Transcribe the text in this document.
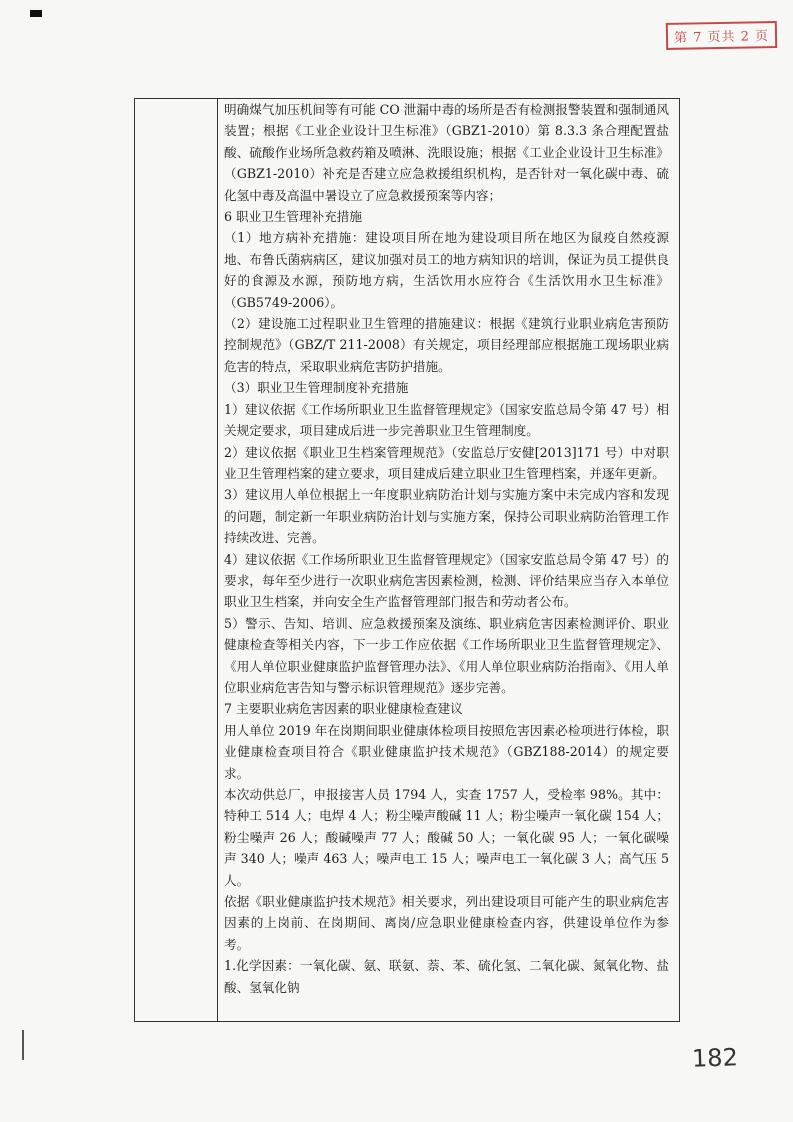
第 7 页共 2 页

明确煤气加压机间等有可能 CO 泄漏中毒的场所是否有检测报警装置和强制通风装置；根据《工业企业设计卫生标准》（GBZ1-2010）第 8.3.3 条合理配置盐酸、硫酸作业场所急救药箱及喷淋、洗眼设施；根据《工业企业设计卫生标准》（GBZ1-2010）补充是否建立应急救援组织机构，是否针对一氧化碳中毒、硫化氢中毒及高温中暑设立了应急救援预案等内容；

6 职业卫生管理补充措施

（1）地方病补充措施：建设项目所在地为建设项目所在地区为鼠疫自然疫源地、布鲁氏菌病病区，建议加强对员工的地方病知识的培训，保证为员工提供良好的食源及水源，预防地方病，生活饮用水应符合《生活饮用水卫生标准》（GB5749-2006）。

（2）建设施工过程职业卫生管理的措施建议：根据《建筑行业职业病危害预防控制规范》（GBZ/T 211-2008）有关规定，项目经理部应根据施工现场职业病危害的特点，采取职业病危害防护措施。

（3）职业卫生管理制度补充措施

1）建议依据《工作场所职业卫生监督管理规定》（国家安监总局令第 47 号）相关规定要求，项目建成后进一步完善职业卫生管理制度。

2）建议依据《职业卫生档案管理规范》（安监总厅安健[2013]171 号）中对职业卫生管理档案的建立要求，项目建成后建立职业卫生管理档案，并逐年更新。

3）建议用人单位根据上一年度职业病防治计划与实施方案中未完成内容和发现的问题，制定新一年职业病防治计划与实施方案，保持公司职业病防治管理工作持续改进、完善。

4）建议依据《工作场所职业卫生监督管理规定》（国家安监总局令第 47 号）的要求，每年至少进行一次职业病危害因素检测，检测、评价结果应当存入本单位职业卫生档案，并向安全生产监督管理部门报告和劳动者公布。

5）警示、告知、培训、应急救援预案及演练、职业病危害因素检测评价、职业健康检查等相关内容，下一步工作应依据《工作场所职业卫生监督管理规定》、《用人单位职业健康监护监督管理办法》、《用人单位职业病防治指南》、《用人单位职业病危害告知与警示标识管理规范》逐步完善。

7 主要职业病危害因素的职业健康检查建议

用人单位 2019 年在岗期间职业健康体检项目按照危害因素必检项进行体检，职业健康检查项目符合《职业健康监护技术规范》（GBZ188-2014）的规定要求。

本次动供总厂，申报接害人员 1794 人，实查 1757 人，受检率 98%。其中：特种工 514 人；电焊 4 人；粉尘噪声酸碱 11 人；粉尘噪声一氧化碳 154 人；粉尘噪声 26 人；酸碱噪声 77 人；酸碱 50 人；一氧化碳 95 人；一氧化碳噪声 340 人；噪声 463 人；噪声电工 15 人；噪声电工一氧化碳 3 人；高气压 5 人。

依据《职业健康监护技术规范》相关要求，列出建设项目可能产生的职业病危害因素的上岗前、在岗期间、离岗/应急职业健康检查内容，供建设单位作为参考。

1.化学因素：一氧化碳、氨、联氨、萘、苯、硫化氢、二氧化碳、氮氧化物、盐酸、氢氧化钠

182
